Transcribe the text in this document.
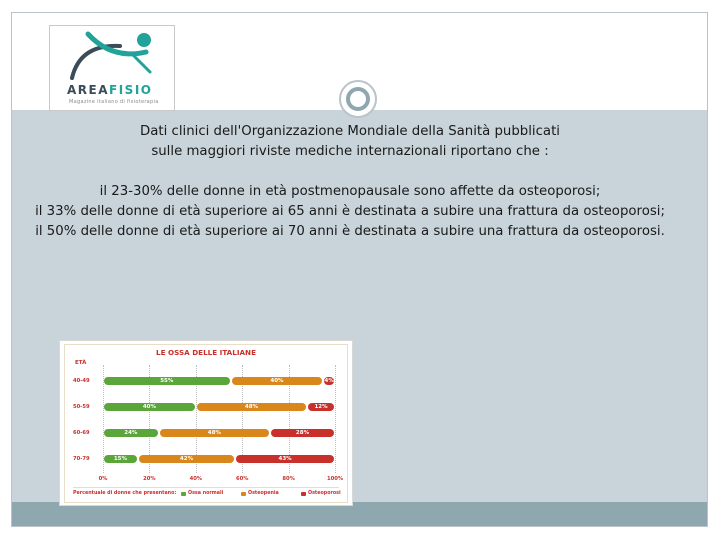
AREAFISIO
Magazine italiano di fisioterapia
LE OSSA DELLE ITALIANE
ETÀ
Percentuale di donne che presentano: Ossa normali	Osteopenia	Osteoporosi
0%	20%	40%	60%	80%	100%
40-49	55%	40%	4%
50-59	40%	48%	12%
60-69	24%	48%	28%
70-79	15%	42%	43%

Dati clinici dell'Organizzazione Mondiale della Sanità pubblicati

sulle maggiori riviste mediche internazionali riportano che :

il 23-30% delle donne in età postmenopausale sono affette da osteoporosi;

il 33% delle donne di età superiore ai 65 anni è destinata a subire una frattura da osteoporosi;

il 50% delle donne di età superiore ai 70 anni è destinata a subire una frattura da osteoporosi.
